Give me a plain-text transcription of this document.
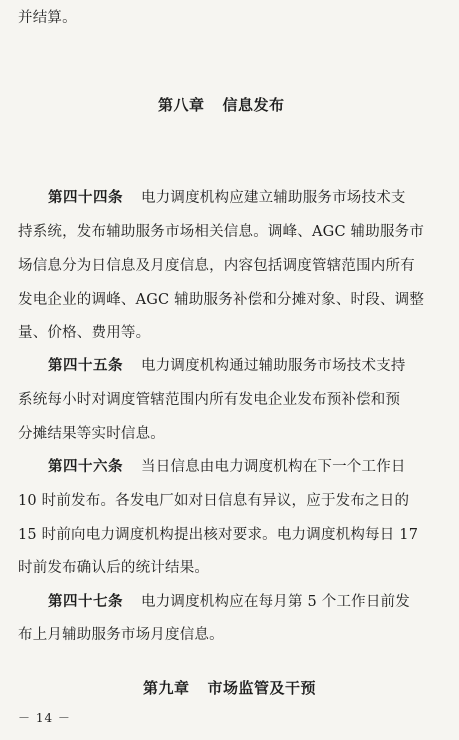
并结算。
第八章 信息发布
第四十四条 电力调度机构应建立辅助服务市场技术支
持系统，发布辅助服务市场相关信息。调峰、AGC 辅助服务市
场信息分为日信息及月度信息，内容包括调度管辖范围内所有
发电企业的调峰、AGC 辅助服务补偿和分摊对象、时段、调整
量、价格、费用等。
第四十五条 电力调度机构通过辅助服务市场技术支持
系统每小时对调度管辖范围内所有发电企业发布预补偿和预
分摊结果等实时信息。
第四十六条 当日信息由电力调度机构在下一个工作日
10 时前发布。各发电厂如对日信息有异议，应于发布之日的
15 时前向电力调度机构提出核对要求。电力调度机构每日 17
时前发布确认后的统计结果。
第四十七条 电力调度机构应在每月第 5 个工作日前发
布上月辅助服务市场月度信息。
第九章 市场监管及干预
－ 14 －
